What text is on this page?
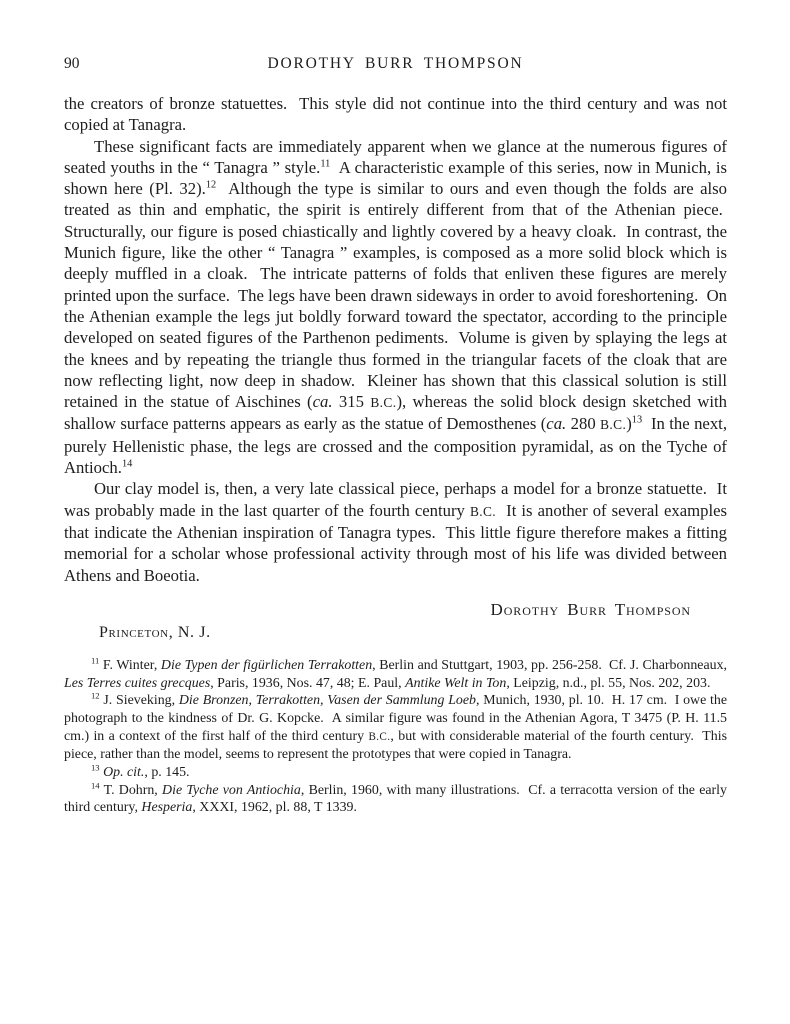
90	DOROTHY BURR THOMPSON

the creators of bronze statuettes.  This style did not continue into the third century and was not copied at Tanagra.

These significant facts are immediately apparent when we glance at the numerous figures of seated youths in the “ Tanagra ” style.$^{11}$  A characteristic example of this series, now in Munich, is shown here (Pl. 32).$^{12}$  Although the type is similar to ours and even though the folds are also treated as thin and emphatic, the spirit is entirely different from that of the Athenian piece.  Structurally, our figure is posed chiastically and lightly covered by a heavy cloak.  In contrast, the Munich figure, like the other “ Tanagra ” examples, is composed as a more solid block which is deeply muffled in a cloak.  The intricate patterns of folds that enliven these figures are merely printed upon the surface.  The legs have been drawn sideways in order to avoid foreshortening.  On the Athenian example the legs jut boldly forward toward the spectator, according to the principle developed on seated figures of the Parthenon pediments.  Volume is given by splaying the legs at the knees and by repeating the triangle thus formed in the triangular facets of the cloak that are now reflecting light, now deep in shadow.  Kleiner has shown that this classical solution is still retained in the statue of Aischines (ca. 315 B.C.), whereas the solid block design sketched with shallow surface patterns appears as early as the statue of Demosthenes (ca. 280 B.C.)$^{13}$  In the next, purely Hellenistic phase, the legs are crossed and the composition pyramidal, as on the Tyche of Antioch.$^{14}$

Our clay model is, then, a very late classical piece, perhaps a model for a bronze statuette.  It was probably made in the last quarter of the fourth century B.C.  It is another of several examples that indicate the Athenian inspiration of Tanagra types.  This little figure therefore makes a fitting memorial for a scholar whose professional activity through most of his life was divided between Athens and Boeotia.

Dorothy Burr Thompson
Princeton, N. J.

$^{11}$ F. Winter, Die Typen der figürlichen Terrakotten, Berlin and Stuttgart, 1903, pp. 256-258.  Cf. J. Charbonneaux, Les Terres cuites grecques, Paris, 1936, Nos. 47, 48; E. Paul, Antike Welt in Ton, Leipzig, n.d., pl. 55, Nos. 202, 203.

$^{12}$ J. Sieveking, Die Bronzen, Terrakotten, Vasen der Sammlung Loeb, Munich, 1930, pl. 10.  H. 17 cm.  I owe the photograph to the kindness of Dr. G. Kopcke.  A similar figure was found in the Athenian Agora, T 3475 (P. H. 11.5 cm.) in a context of the first half of the third century B.C., but with considerable material of the fourth century.  This piece, rather than the model, seems to represent the prototypes that were copied in Tanagra.

$^{13}$ Op. cit., p. 145.

$^{14}$ T. Dohrn, Die Tyche von Antiochia, Berlin, 1960, with many illustrations.  Cf. a terracotta version of the early third century, Hesperia, XXXI, 1962, pl. 88, T 1339.
